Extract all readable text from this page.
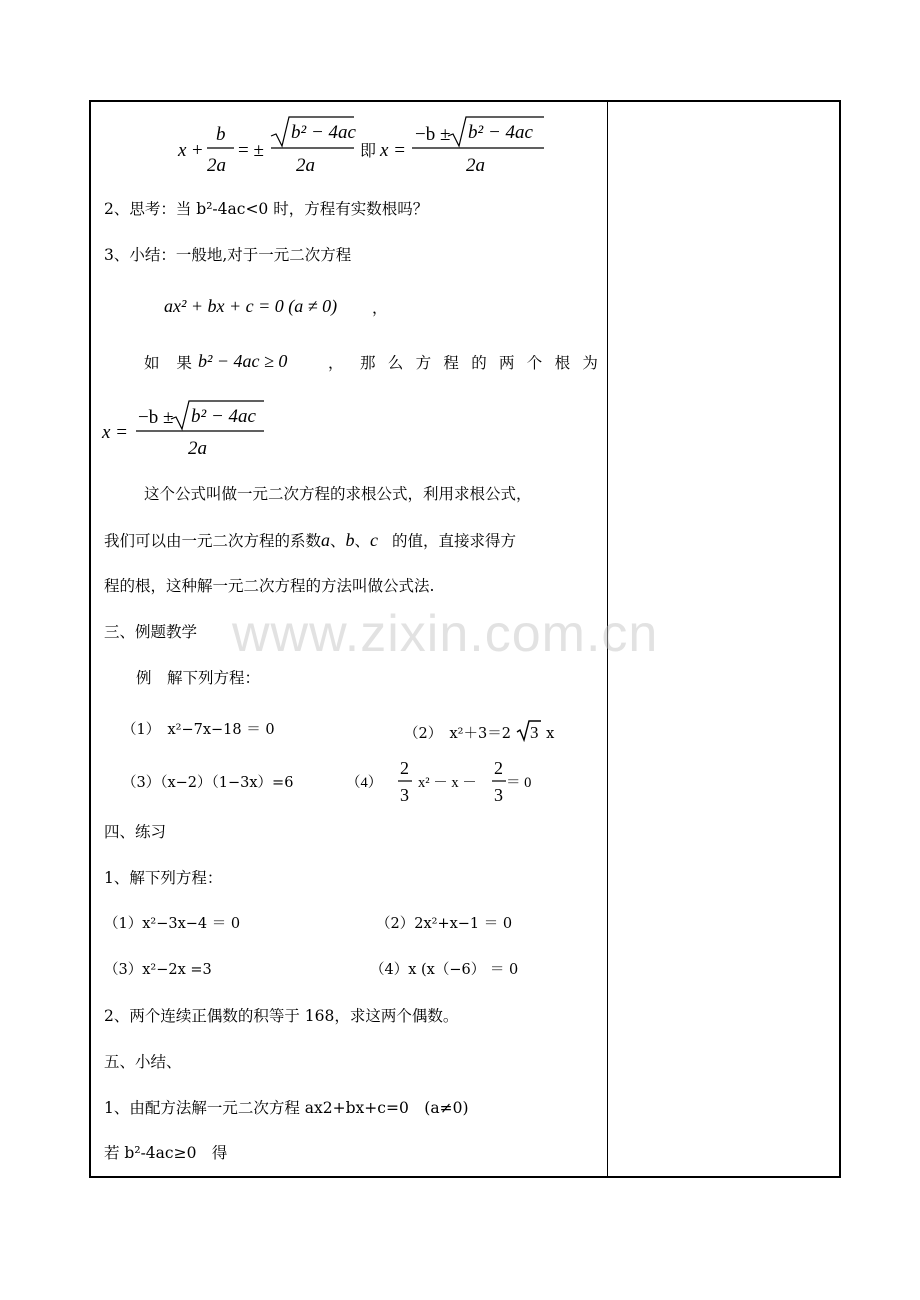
x +
b
2a
= ±
b² − 4ac
2a
即 x =
−b ± b² − 4ac
2a
2、思考：当 b²-4ac<0 时，方程有实数根吗？
3、小结：一般地,对于一元二次方程
ax² + bx + c = 0 (a ≠ 0) ，
如 果 b² − 4ac ≥ 0	， 那 么 方 程 的 两 个 根 为
x =
−b ± b² − 4ac
2a
这个公式叫做一元二次方程的求根公式，利用求根公式，
我们可以由一元二次方程的系数a、b、c 的值，直接求得方
程的根，这种解一元二次方程的方法叫做公式法.
www.zixin.com.cn
三、例题教学
例　解下列方程：
（1）　x²−7x−18 ＝ 0	（2）　x²＋3＝2 3 x
（3）（x−2）（1−3x）=6	（4）
2
3
x² － x －
2
3
＝ 0
四、练习
1、解下列方程：
（1）x²−3x−4 ＝ 0	（2）2x²+x−1 ＝ 0
（3）x²−2x =3	（4）x (x（−6） ＝ 0
2、两个连续正偶数的积等于 168，求这两个偶数。
五、小结、
1、由配方法解一元二次方程 ax2+bx+c=0　(a≠0)
若 b²-4ac≥0　得
